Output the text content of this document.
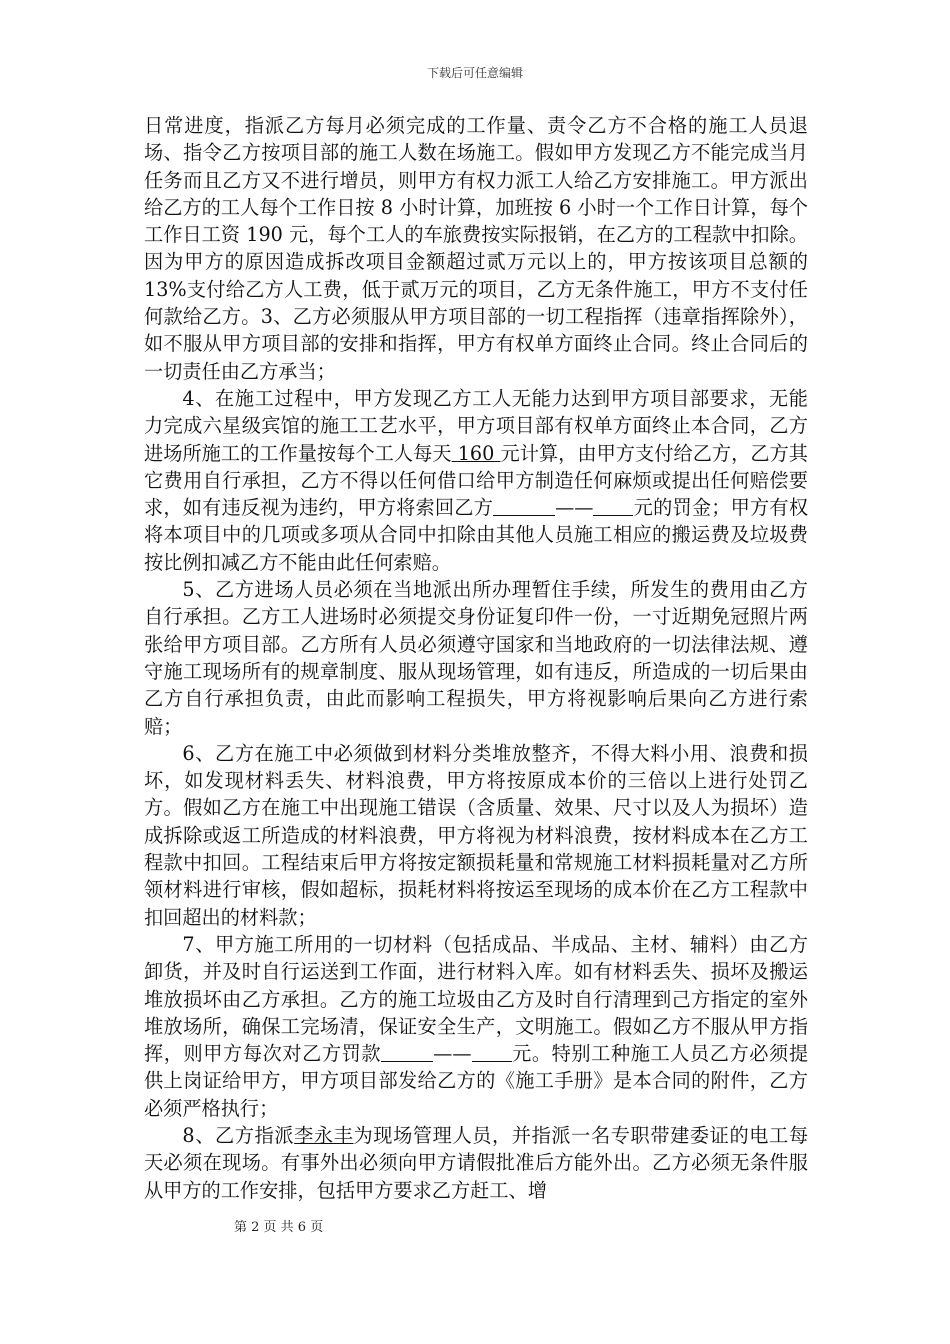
下载后可任意编辑

日常进度，指派乙方每月必须完成的工作量、责令乙方不合格的施工人员退场、指令乙方按项目部的施工人数在场施工。假如甲方发现乙方不能完成当月任务而且乙方又不进行增员，则甲方有权力派工人给乙方安排施工。甲方派出给乙方的工人每个工作日按 8 小时计算，加班按 6 小时一个工作日计算，每个工作日工资 190 元，每个工人的车旅费按实际报销，在乙方的工程款中扣除。因为甲方的原因造成拆改项目金额超过贰万元以上的，甲方按该项目总额的 13%支付给乙方人工费，低于贰万元的项目，乙方无条件施工，甲方不支付任何款给乙方。3、乙方必须服从甲方项目部的一切工程指挥（违章指挥除外），如不服从甲方项目部的安排和指挥，甲方有权单方面终止合同。终止合同后的一切责任由乙方承当；

4、在施工过程中，甲方发现乙方工人无能力达到甲方项目部要求，无能力完成六星级宾馆的施工工艺水平，甲方项目部有权单方面终止本合同，乙方进场所施工的工作量按每个工人每天 160 元计算，由甲方支付给乙方，乙方其它费用自行承担，乙方不得以任何借口给甲方制造任何麻烦或提出任何赔偿要求，如有违反视为违约，甲方将索回乙方	—— 元的罚金；甲方有权将本项目中的几项或多项从合同中扣除由其他人员施工相应的搬运费及垃圾费按比例扣减乙方不能由此任何索赔。

5、乙方进场人员必须在当地派出所办理暂住手续，所发生的费用由乙方自行承担。乙方工人进场时必须提交身份证复印件一份，一寸近期免冠照片两张给甲方项目部。乙方所有人员必须遵守国家和当地政府的一切法律法规、遵守施工现场所有的规章制度、服从现场管理，如有违反，所造成的一切后果由乙方自行承担负责，由此而影响工程损失，甲方将视影响后果向乙方进行索赔；

6、乙方在施工中必须做到材料分类堆放整齐，不得大料小用、浪费和损坏，如发现材料丢失、材料浪费，甲方将按原成本价的三倍以上进行处罚乙方。假如乙方在施工中出现施工错误（含质量、效果、尺寸以及人为损坏）造成拆除或返工所造成的材料浪费，甲方将视为材料浪费，按材料成本在乙方工程款中扣回。工程结束后甲方将按定额损耗量和常规施工材料损耗量对乙方所领材料进行审核，假如超标，损耗材料将按运至现场的成本价在乙方工程款中扣回超出的材料款；

7、甲方施工所用的一切材料（包括成品、半成品、主材、辅料）由乙方卸货，并及时自行运送到工作面，进行材料入库。如有材料丢失、损坏及搬运堆放损坏由乙方承担。乙方的施工垃圾由乙方及时自行清理到己方指定的室外堆放场所，确保工完场清，保证安全生产，文明施工。假如乙方不服从甲方指挥，则甲方每次对乙方罚款	—— 元。特别工种施工人员乙方必须提供上岗证给甲方，甲方项目部发给乙方的《施工手册》是本合同的附件，乙方必须严格执行；

8、乙方指派李永丰为现场管理人员，并指派一名专职带建委证的电工每天必须在现场。有事外出必须向甲方请假批准后方能外出。乙方必须无条件服从甲方的工作安排，包括甲方要求乙方赶工、增

第 2 页 共 6 页
